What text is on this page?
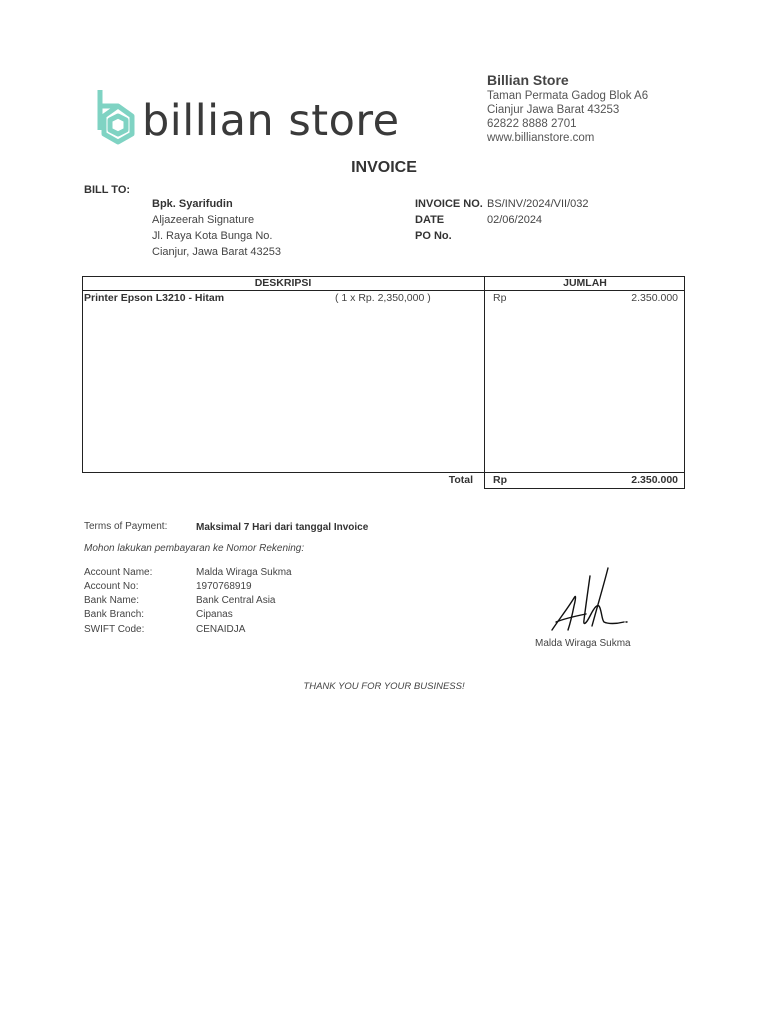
billian store
Billian Store
Taman Permata Gadog Blok A6
Cianjur Jawa Barat 43253
62822 8888 2701
www.billianstore.com
INVOICE
BILL TO:
Bpk. Syarifudin
Aljazeerah Signature
Jl. Raya Kota Bunga No.
Cianjur, Jawa Barat 43253
INVOICE NO. BS/INV/2024/VII/032
DATE	02/06/2024
PO No.
DESKRIPSI	JUMLAH
Printer Epson L3210 - Hitam	( 1 x Rp. 2,350,000 )	Rp	2.350.000
Total Rp	2.350.000
Terms of Payment:	Maksimal 7 Hari dari tanggal Invoice
Mohon lakukan pembayaran ke Nomor Rekening:
Account Name:	Malda Wiraga Sukma
Account No:	1970768919
Bank Name:	Bank Central Asia
Bank Branch:	Cipanas
SWIFT Code:	CENAIDJA
Malda Wiraga Sukma
THANK YOU FOR YOUR BUSINESS!
